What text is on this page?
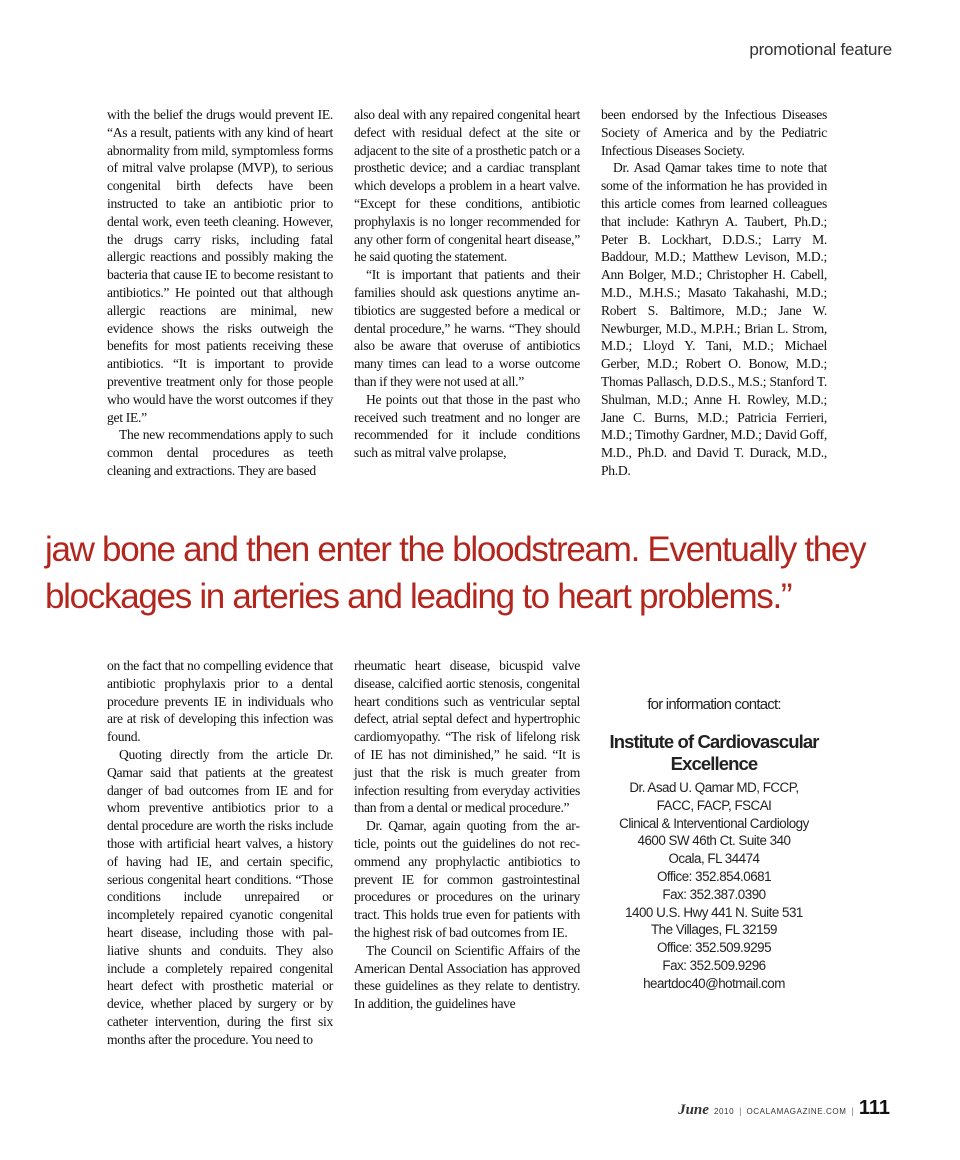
promotional feature

with the belief the drugs would prevent IE. “As a result, patients with any kind of heart abnormality from mild, symptomless forms of mitral valve prolapse (MVP), to serious congenital birth defects have been instructed to take an antibiotic prior to dental work, even teeth cleaning. However, the drugs carry risks, including fatal allergic reactions and possibly making the bacteria that cause IE to become resistant to antibiotics.” He pointed out that although allergic reactions are minimal, new evidence shows the risks outweigh the benefits for most patients receiving these antibiotics. “It is important to provide preventive treatment only for those people who would have the worst outcomes if they get IE.”

The new recommendations apply to such common dental procedures as teeth cleaning and extractions. They are based

also deal with any repaired congenital heart defect with residual defect at the site or adjacent to the site of a prosthetic patch or a prosthetic device; and a cardiac transplant which develops a problem in a heart valve. “Except for these conditions, antibiotic prophylaxis is no longer recommended for any other form of congenital heart disease,” he said quoting the statement.

“It is important that patients and their families should ask questions anytime antibiotics are suggested before a medical or dental procedure,” he warns. “They should also be aware that overuse of antibiotics many times can lead to a worse outcome than if they were not used at all.”

He points out that those in the past who received such treatment and no longer are recommended for it include conditions such as mitral valve prolapse,

been endorsed by the Infectious Diseases Society of America and by the Pediatric Infectious Diseases Society.

Dr. Asad Qamar takes time to note that some of the information he has provided in this article comes from learned colleagues that include: Kathryn A. Taubert, Ph.D.; Peter B. Lockhart, D.D.S.; Larry M. Baddour, M.D.; Matthew Levison, M.D.; Ann Bolger, M.D.; Christopher H. Cabell, M.D., M.H.S.; Masato Takahashi, M.D.; Robert S. Baltimore, M.D.; Jane W. Newburger, M.D., M.P.H.; Brian L. Strom, M.D.; Lloyd Y. Tani, M.D.; Michael Gerber, M.D.; Robert O. Bonow, M.D.; Thomas Pallasch, D.D.S., M.S.; Stanford T. Shulman, M.D.; Anne H. Rowley, M.D.; Jane C. Burns, M.D.; Patricia Ferrieri, M.D.; Timothy Gardner, M.D.; David Goff, M.D., Ph.D. and David T. Durack, M.D., Ph.D.

jaw bone and then enter the bloodstream. Eventually they
blockages in arteries and leading to heart problems.”

on the fact that no compelling evidence that antibiotic prophylaxis prior to a dental procedure prevents IE in individuals who are at risk of developing this infection was found.

Quoting directly from the article Dr. Qamar said that patients at the greatest danger of bad outcomes from IE and for whom preventive antibiotics prior to a dental procedure are worth the risks include those with artificial heart valves, a history of having had IE, and certain specific, serious congenital heart conditions. “Those conditions include unrepaired or incompletely repaired cyanotic congenital heart disease, including those with palliative shunts and conduits. They also include a completely repaired congenital heart defect with prosthetic material or device, whether placed by surgery or by catheter intervention, during the first six months after the procedure. You need to

rheumatic heart disease, bicuspid valve disease, calcified aortic stenosis, congenital heart conditions such as ventricular septal defect, atrial septal defect and hypertrophic cardiomyopathy. “The risk of lifelong risk of IE has not diminished,” he said. “It is just that the risk is much greater from infection resulting from everyday activities than from a dental or medical procedure.”

Dr. Qamar, again quoting from the article, points out the guidelines do not recommend any prophylactic antibiotics to prevent IE for common gastrointestinal procedures or procedures on the urinary tract. This holds true even for patients with the highest risk of bad outcomes from IE.

The Council on Scientific Affairs of the American Dental Association has approved these guidelines as they relate to dentistry. In addition, the guidelines have

for information contact:
Institute of Cardiovascular Excellence
Dr. Asad U. Qamar MD, FCCP,
FACC, FACP, FSCAI
Clinical & Interventional Cardiology
4600 SW 46th Ct. Suite 340
Ocala, FL 34474
Office: 352.854.0681
Fax: 352.387.0390
1400 U.S. Hwy 441 N. Suite 531
The Villages, FL 32159
Office: 352.509.9295
Fax: 352.509.9296
heartdoc40@hotmail.com
June 2010 | OCALAMAGAZINE.COM | 111
